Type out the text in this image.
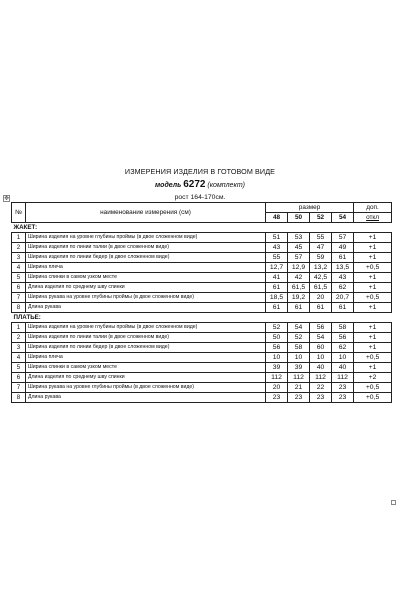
ИЗМЕРЕНИЯ ИЗДЕЛИЯ В ГОТОВОМ ВИДЕ
модель 6272 (комплект)
рост 164-170см.
✥
№	наименование измерения (см)	размер				доп.
		48	50	52	54	откл
ЖАКЕТ:						
1	Ширина изделия на уровне глубины проймы (в двое сложенном виде)	51	53	55	57	+1
2	Ширина изделия по линии талии (в двое сложенном виде)	43	45	47	49	+1
3	Ширина изделия по линии бедер (в двое сложенном виде)	55	57	59	61	+1
4	Ширина плеча	12,7	12,9	13,2	13,5	+0,5
5	Ширина спинки в самом узком месте	41	42	42,5	43	+1
6	Длина изделия по среднему шву спинки	61	61,5	61,5	62	+1
7	Ширина рукава на уровне глубины проймы (в двое сложенном виде)	18,5	19,2	20	20,7	+0,5
8	Длина рукава	61	61	61	61	+1
ПЛАТЬЕ:						
1	Ширина изделия на уровне глубины проймы (в двое сложенном виде)	52	54	56	58	+1
2	Ширина изделия по линии талии (в двое сложенном виде)	50	52	54	56	+1
3	Ширина изделия по линии бедер (в двое сложенном виде)	56	58	60	62	+1
4	Ширина плеча	10	10	10	10	+0,5
5	Ширина спинки в самом узком месте	39	39	40	40	+1
6	Длина изделия по среднему шву спинки	112	112	112	112	+2
7	Ширина рукава на уровне глубины проймы (в двое сложенном виде)	20	21	22	23	+0,5
8	Длина рукава	23	23	23	23	+0,5
